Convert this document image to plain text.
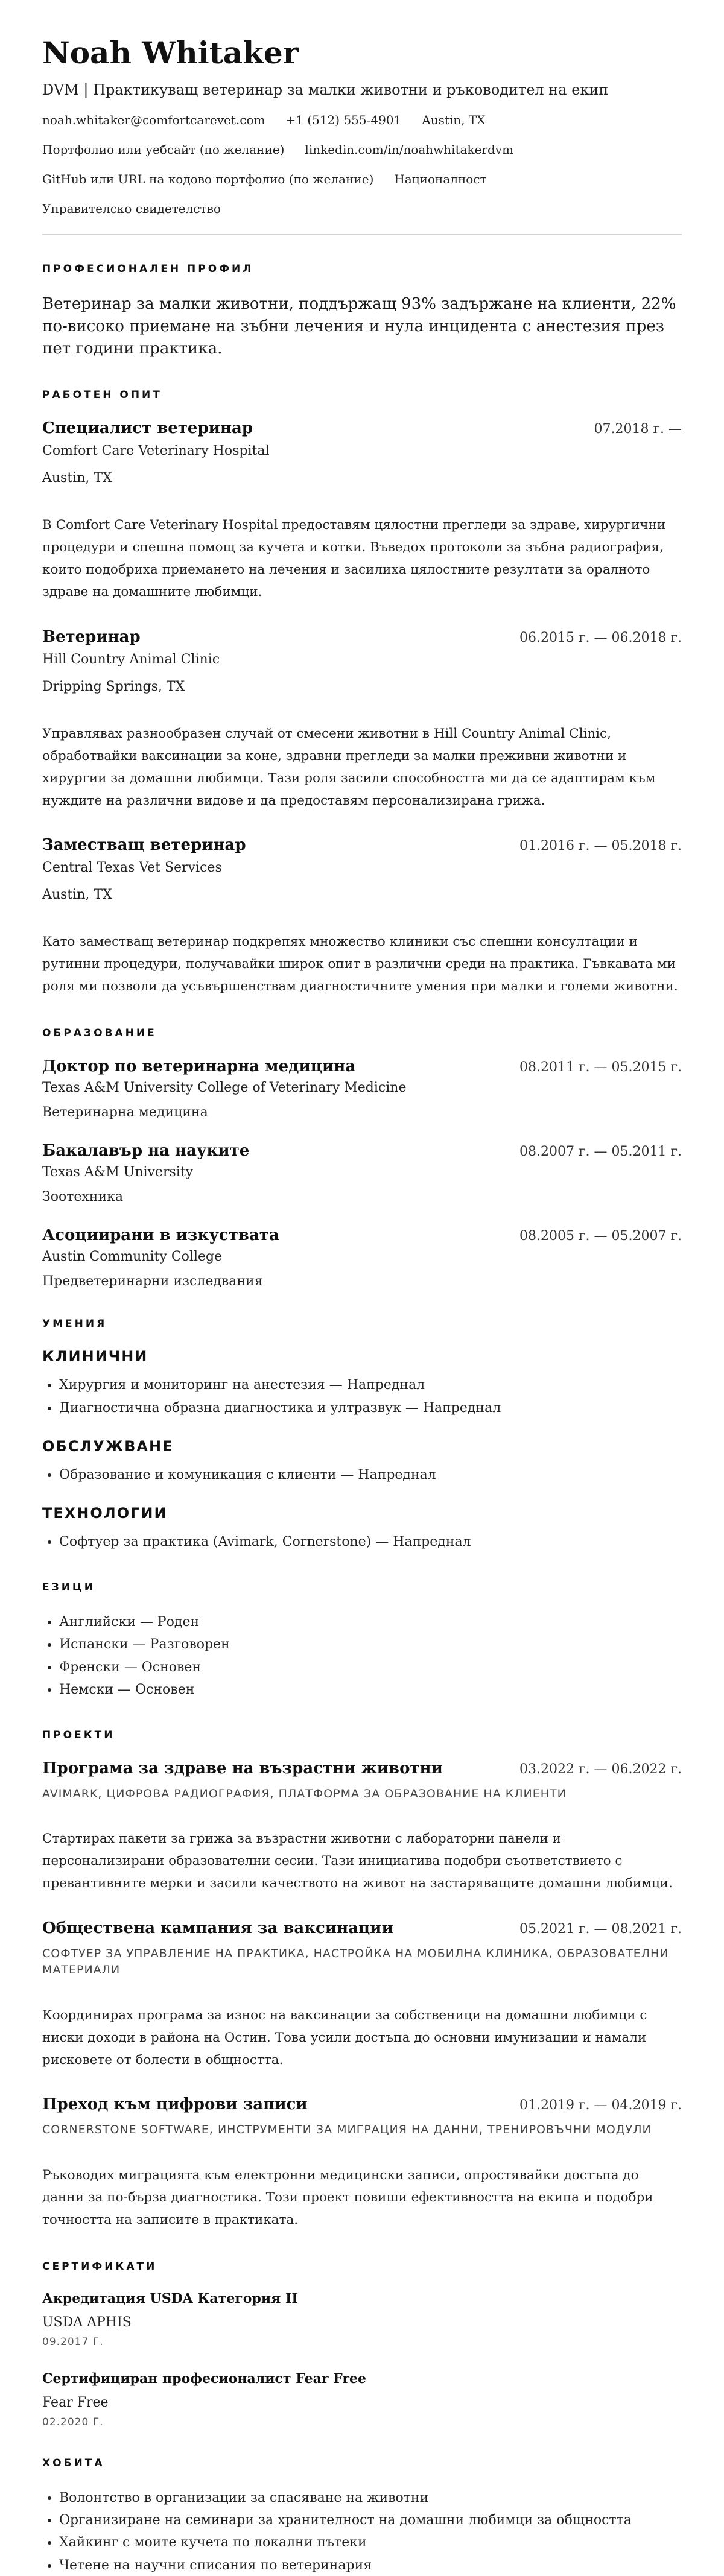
Noah Whitaker
DVM | Практикуващ ветеринар за малки животни и ръководител на екип
noah.whitaker@comfortcarevet.com +1 (512) 555-4901 Austin, TX
Портфолио или уебсайт (по желание) linkedin.com/in/noahwhitakerdvm
GitHub или URL на кодово портфолио (по желание) Националност
Управителско свидетелство
ПРОФЕСИОНАЛЕН ПРОФИЛ

Ветеринар за малки животни, поддържащ 93% задържане на клиенти, 22% по-високо приемане на зъбни лечения и нула инцидента с анестезия през пет години практика.

РАБОТЕН ОПИТ
Специалист ветеринар	07.2018 г. —
Comfort Care Veterinary Hospital
Austin, TX
В Comfort Care Veterinary Hospital предоставям цялостни прегледи за здраве, хирургични процедури и спешна помощ за кучета и котки. Въведох протоколи за зъбна радиография, които подобриха приемането на лечения и засилиха цялостните резултати за оралното здраве на домашните любимци.
Ветеринар	06.2015 г. — 06.2018 г.
Hill Country Animal Clinic
Dripping Springs, TX
Управлявах разнообразен случай от смесени животни в Hill Country Animal Clinic, обработвайки ваксинации за коне, здравни прегледи за малки преживни животни и хирургии за домашни любимци. Тази роля засили способността ми да се адаптирам към нуждите на различни видове и да предоставям персонализирана грижа.
Заместващ ветеринар	01.2016 г. — 05.2018 г.
Central Texas Vet Services
Austin, TX
Като заместващ ветеринар подкрепях множество клиники със спешни консултации и рутинни процедури, получавайки широк опит в различни среди на практика. Гъвкавата ми роля ми позволи да усъвършенствам диагностичните умения при малки и големи животни.
ОБРАЗОВАНИЕ
Доктор по ветеринарна медицина	08.2011 г. — 05.2015 г.
Texas A&M University College of Veterinary Medicine
Ветеринарна медицина
Бакалавър на науките	08.2007 г. — 05.2011 г.
Texas A&M University
Зоотехника
Асоциирани в изкуствата	08.2005 г. — 05.2007 г.
Austin Community College
Предветеринарни изследвания
УМЕНИЯ
КЛИНИЧНИ
• Хирургия и мониторинг на анестезия — Напреднал
• Диагностична образна диагностика и ултразвук — Напреднал
ОБСЛУЖВАНЕ
• Образование и комуникация с клиенти — Напреднал
ТЕХНОЛОГИИ
• Софтуер за практика (Avimark, Cornerstone) — Напреднал
ЕЗИЦИ
• Английски — Роден
• Испански — Разговорен
• Френски — Основен
• Немски — Основен
ПРОЕКТИ
Програма за здраве на възрастни животни	03.2022 г. — 06.2022 г.
AVIMARK, ЦИФРОВА РАДИОГРАФИЯ, ПЛАТФОРМА ЗА ОБРАЗОВАНИЕ НА КЛИЕНТИ
Стартирах пакети за грижа за възрастни животни с лабораторни панели и персонализирани образователни сесии. Тази инициатива подобри съответствието с превантивните мерки и засили качеството на живот на застаряващите домашни любимци.
Обществена кампания за ваксинации	05.2021 г. — 08.2021 г.
СОФТУЕР ЗА УПРАВЛЕНИЕ НА ПРАКТИКА, НАСТРОЙКА НА МОБИЛНА КЛИНИКА, ОБРАЗОВАТЕЛНИ МАТЕРИАЛИ
Координирах програма за износ на ваксинации за собственици на домашни любимци с ниски доходи в района на Остин. Това усили достъпа до основни имунизации и намали рисковете от болести в общността.
Преход към цифрови записи	01.2019 г. — 04.2019 г.
CORNERSTONE SOFTWARE, ИНСТРУМЕНТИ ЗА МИГРАЦИЯ НА ДАННИ, ТРЕНИРОВЪЧНИ МОДУЛИ
Ръководих миграцията към електронни медицински записи, опростявайки достъпа до данни за по-бърза диагностика. Този проект повиши ефективността на екипа и подобри точността на записите в практиката.
СЕРТИФИКАТИ
Акредитация USDA Категория II
USDA APHIS
09.2017 Г.
Сертифициран професионалист Fear Free
Fear Free
02.2020 Г.
ХОБИТА
• Волонтство в организации за спасяване на животни
• Организиране на семинари за хранителност на домашни любимци за общността
• Хайкинг с моите кучета по локални пътеки
• Четене на научни списания по ветеринария
